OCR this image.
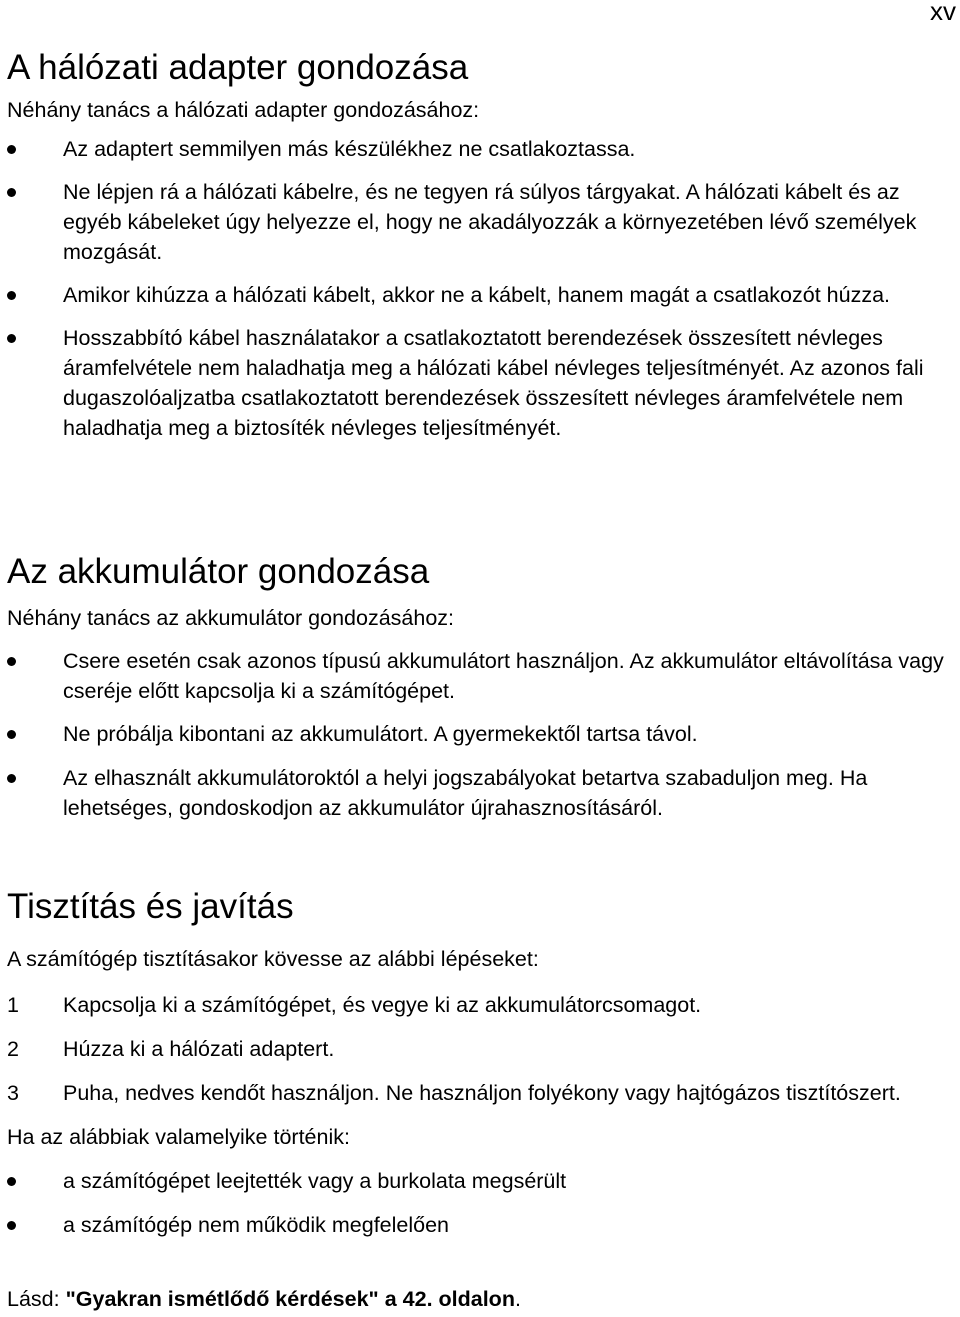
xv
A hálózati adapter gondozása

Néhány tanács a hálózati adapter gondozásához:

Az adaptert semmilyen más készülékhez ne csatlakoztassa.
Ne lépjen rá a hálózati kábelre, és ne tegyen rá súlyos tárgyakat. A hálózati kábelt és az egyéb kábeleket úgy helyezze el, hogy ne akadályozzák a környezetében lévő személyek mozgását.
Amikor kihúzza a hálózati kábelt, akkor ne a kábelt, hanem magát a csatlakozót húzza.
Hosszabbító kábel használatakor a csatlakoztatott berendezések összesített névleges áramfelvétele nem haladhatja meg a hálózati kábel névleges teljesítményét. Az azonos fali dugaszolóaljzatba csatlakoztatott berendezések összesített névleges áramfelvétele nem haladhatja meg a biztosíték névleges teljesítményét.
Az akkumulátor gondozása

Néhány tanács az akkumulátor gondozásához:

Csere esetén csak azonos típusú akkumulátort használjon. Az akkumulátor eltávolítása vagy cseréje előtt kapcsolja ki a számítógépet.
Ne próbálja kibontani az akkumulátort. A gyermekektől tartsa távol.
Az elhasznált akkumulátoroktól a helyi jogszabályokat betartva szabaduljon meg. Ha lehetséges, gondoskodjon az akkumulátor újrahasznosításáról.
Tisztítás és javítás

A számítógép tisztításakor kövesse az alábbi lépéseket:

1 Kapcsolja ki a számítógépet, és vegye ki az akkumulátorcsomagot.
2 Húzza ki a hálózati adaptert.
3 Puha, nedves kendőt használjon. Ne használjon folyékony vagy hajtógázos tisztítószert.

Ha az alábbiak valamelyike történik:

a számítógépet leejtették vagy a burkolata megsérült
a számítógép nem működik megfelelően

Lásd: "Gyakran ismétlődő kérdések" a 42. oldalon.
